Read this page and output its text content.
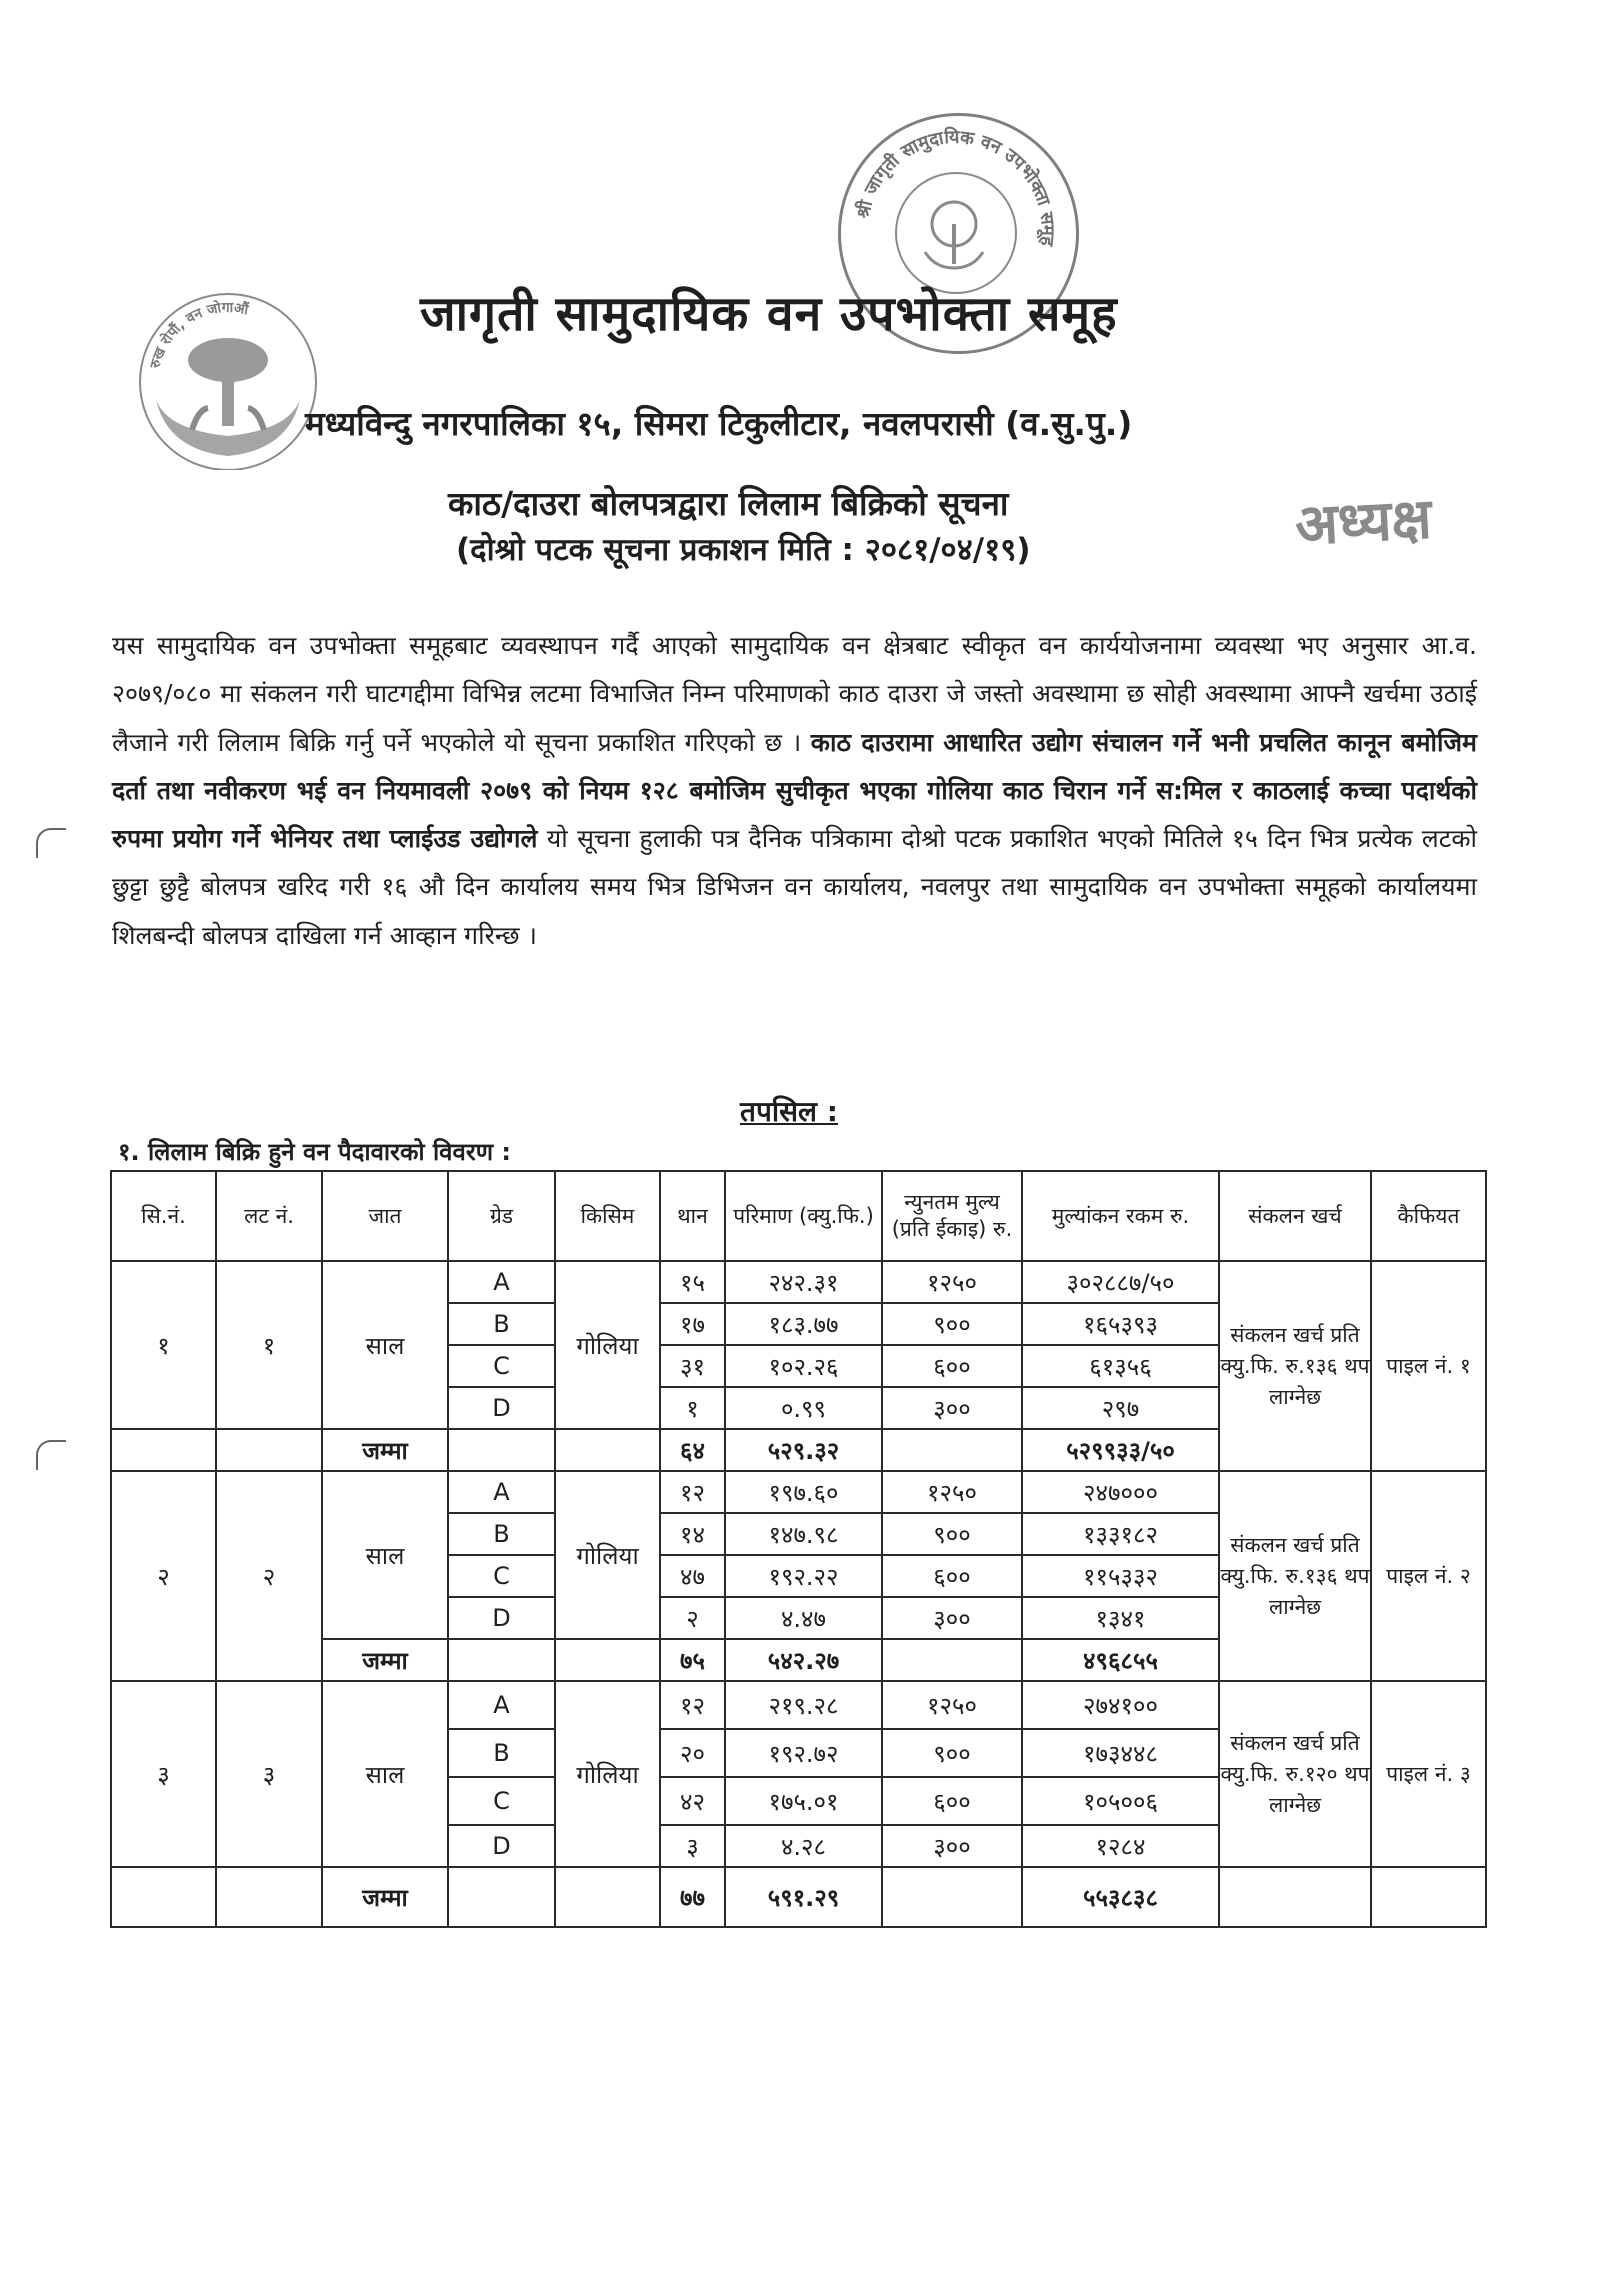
श्री जागृती सामुदायिक वन उपभोक्ता समूह
रुख रोपौं, वन जोगाऔं	जागृती सामुदायिक वन उपभोक्ता समूह
मध्यविन्दु नगरपालिका १५, सिमरा टिकुलीटार, नवलपरासी (व.सु.पु.)
काठ/दाउरा बोलपत्रद्वारा लिलाम बिक्रिको सूचना
(दोश्रो पटक सूचना प्रकाशन मिति : २०८१/०४/१९)	अध्यक्ष
यस सामुदायिक वन उपभोक्ता समूहबाट व्यवस्थापन गर्दै आएको सामुदायिक वन क्षेत्रबाट स्वीकृत वन कार्ययोजनामा व्यवस्था भए अनुसार आ.व. २०७९/०८० मा संकलन गरी घाटगद्दीमा विभिन्न लटमा विभाजित निम्न परिमाणको काठ दाउरा जे जस्तो अवस्थामा छ सोही अवस्थामा आफ्नै खर्चमा उठाई लैजाने गरी लिलाम बिक्रि गर्नु पर्ने भएकोले यो सूचना प्रकाशित गरिएको छ । काठ दाउरामा आधारित उद्योग संचालन गर्ने भनी प्रचलित कानून बमोजिम दर्ता तथा नवीकरण भई वन नियमावली २०७९ को नियम १२८ बमोजिम सुचीकृत भएका गोलिया काठ चिरान गर्ने स:मिल र काठलाई कच्चा पदार्थको रुपमा प्रयोग गर्ने भेनियर तथा प्लाईउड उद्योगले यो सूचना हुलाकी पत्र दैनिक पत्रिकामा दोश्रो पटक प्रकाशित भएको मितिले १५ दिन भित्र प्रत्येक लटको छुट्टा छुट्टै बोलपत्र खरिद गरी १६ औ दिन कार्यालय समय भित्र डिभिजन वन कार्यालय, नवलपुर तथा सामुदायिक वन उपभोक्ता समूहको कार्यालयमा शिलबन्दी बोलपत्र दाखिला गर्न आव्हान गरिन्छ ।
तपसिल :
१. लिलाम बिक्रि हुने वन पैदावारको विवरण :
सि.नं.	लट नं.	जात	ग्रेड	किसिम	थान	परिमाण (क्यु.फि.)	न्युनतम मुल्य (प्रति ईकाइ) रु.	मुल्यांकन रकम रु.	संकलन खर्च	कैफियत
१	१	साल	A	गोलिया	१५	२४२.३१	१२५०	३०२८८७/५०	संकलन खर्च प्रति क्यु.फि. रु.१३६ थप लाग्नेछ	पाइल नं. १
			B		१७	१८३.७७	९००	१६५३९३		
			C		३१	१०२.२६	६००	६१३५६		
			D		१	०.९९	३००	२९७		
		जम्मा			६४	५२९.३२		५२९९३३/५०		
२	२	साल	A	गोलिया	१२	१९७.६०	१२५०	२४७०००	संकलन खर्च प्रति क्यु.फि. रु.१३६ थप लाग्नेछ	पाइल नं. २
			B		१४	१४७.९८	९००	१३३१८२		
			C		४७	१९२.२२	६००	११५३३२		
			D		२	४.४७	३००	१३४१		
		जम्मा			७५	५४२.२७		४९६८५५		
३	३	साल	A	गोलिया	१२	२१९.२८	१२५०	२७४१००	संकलन खर्च प्रति क्यु.फि. रु.१२० थप लाग्नेछ	पाइल नं. ३
			B		२०	१९२.७२	९००	१७३४४८		
			C		४२	१७५.०१	६००	१०५००६		
			D		३	४.२८	३००	१२८४		
		जम्मा			७७	५९१.२९		५५३८३८		
